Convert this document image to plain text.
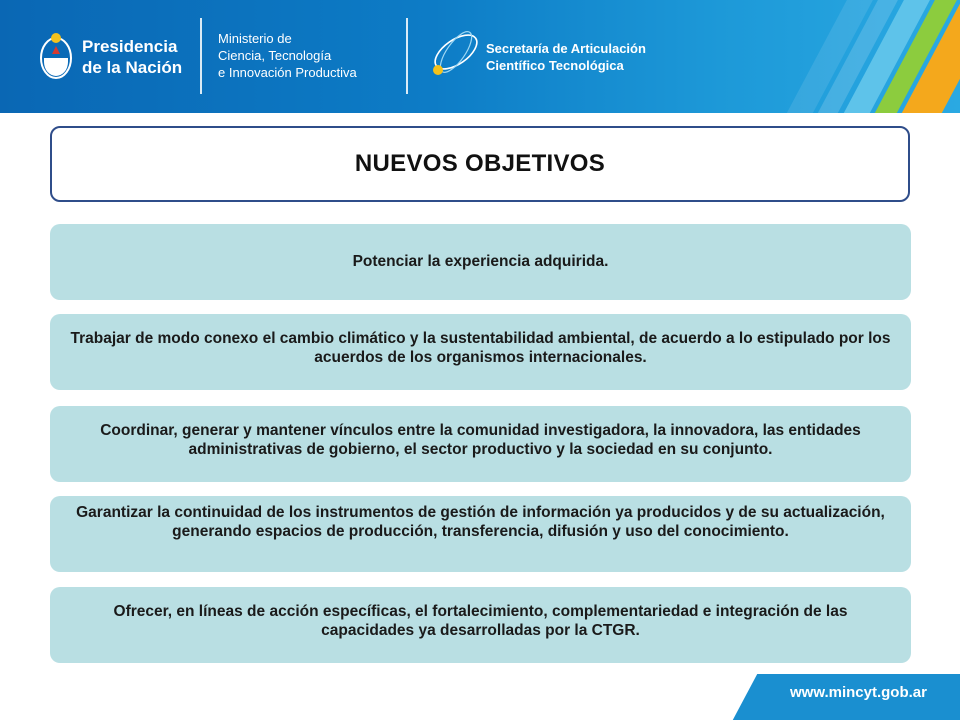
Presidencia
de la Nación
Ministerio de
Ciencia, Tecnología
e Innovación Productiva
Secretaría de Articulación
Científico Tecnológica
NUEVOS OBJETIVOS
Potenciar la experiencia adquirida.
Trabajar de modo conexo el cambio climático y la sustentabilidad ambiental, de acuerdo a lo estipulado por los acuerdos de los organismos internacionales.
Coordinar, generar y mantener vínculos entre la comunidad investigadora, la innovadora, las entidades administrativas de gobierno, el sector productivo y la sociedad en su conjunto.
Garantizar la continuidad de los instrumentos de gestión de información ya producidos y de su actualización, generando espacios de producción, transferencia, difusión y uso del conocimiento.
Ofrecer, en líneas de acción específicas, el fortalecimiento, complementariedad e integración de las capacidades ya desarrolladas por la CTGR.
www.mincyt.gob.ar
